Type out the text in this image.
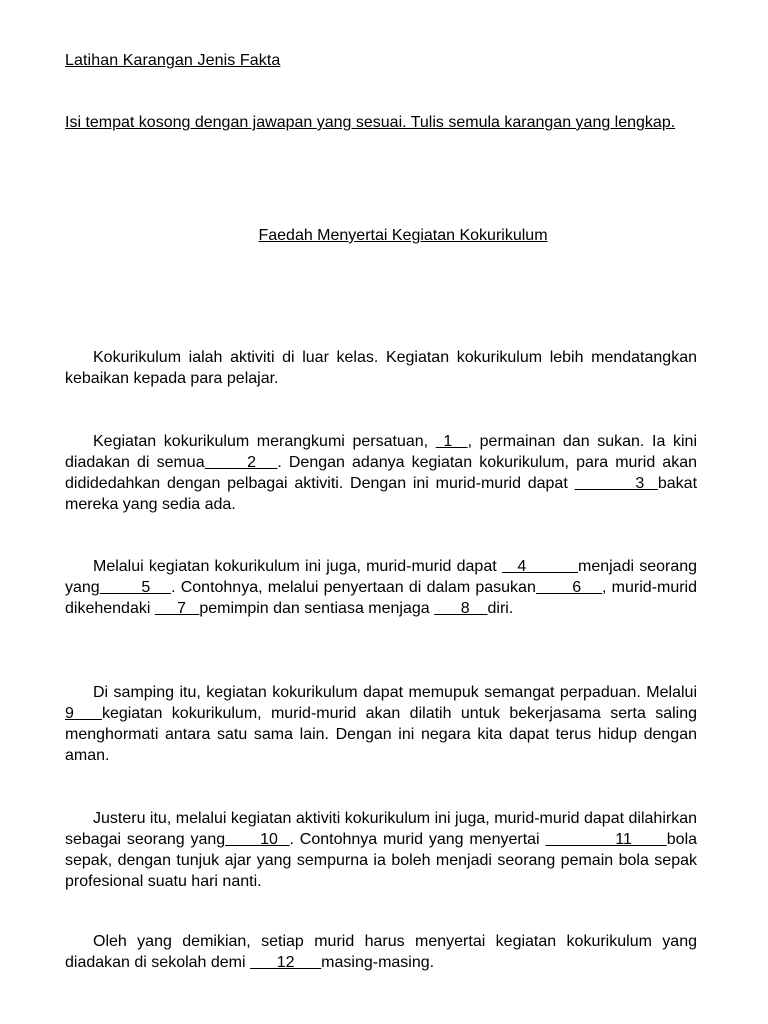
Latihan Karangan Jenis Fakta
Isi tempat kosong dengan jawapan yang sesuai. Tulis semula karangan yang lengkap.
Faedah Menyertai Kegiatan Kokurikulum

Kokurikulum ialah aktiviti di luar kelas. Kegiatan kokurikulum lebih mendatangkan kebaikan kepada para pelajar.

Kegiatan kokurikulum merangkumi persatuan,  1  , permainan dan sukan. Ia kini diadakan di semua      2   . Dengan adanya kegiatan kokurikulum, para murid akan dididedahkan dengan pelbagai aktiviti. Dengan ini murid-murid dapat          3  bakat mereka yang sedia ada.

Melalui kegiatan kokurikulum ini juga, murid-murid dapat    4          menjadi seorang yang        5    . Contohnya, melalui penyertaan di dalam pasukan       6    , murid-murid dikehendaki      7   pemimpin dan sentiasa menjaga       8    diri.

Di samping itu, kegiatan kokurikulum dapat memupuk semangat perpaduan. Melalui 9   kegiatan kokurikulum, murid-murid akan dilatih untuk bekerjasama serta saling menghormati antara satu sama lain. Dengan ini negara kita dapat terus hidup dengan aman.

Justeru itu, melalui kegiatan aktiviti kokurikulum ini juga, murid-murid dapat dilahirkan sebagai seorang yang      10  . Contohnya murid yang menyertai             11      bola sepak, dengan tunjuk ajar yang sempurna ia boleh menjadi seorang pemain bola sepak profesional suatu hari nanti.

Oleh yang demikian, setiap murid harus menyertai kegiatan kokurikulum yang diadakan di sekolah demi       12      masing-masing.
